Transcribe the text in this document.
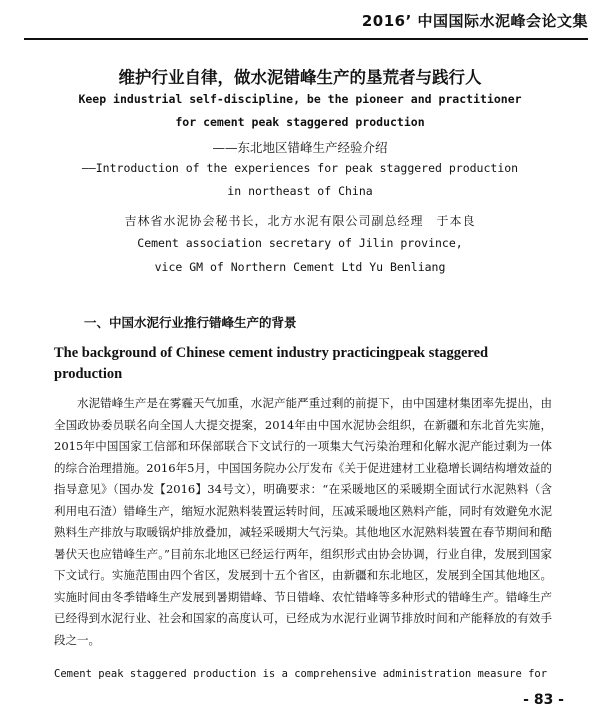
2016’ 中国国际水泥峰会论文集
维护行业自律，做水泥错峰生产的垦荒者与践行人
Keep industrial self-discipline, be the pioneer and practitioner
for cement peak staggered production
——东北地区错峰生产经验介绍
——Introduction of the experiences for peak staggered production
in northeast of China
吉林省水泥协会秘书长，北方水泥有限公司副总经理　于本良
Cement association secretary of Jilin province,
vice GM of Northern Cement Ltd Yu Benliang
一、中国水泥行业推行错峰生产的背景
The background of Chinese cement industry practicingpeak staggered production
水泥错峰生产是在雾霾天气加重，水泥产能严重过剩的前提下，由中国建材集团率先提出，由全国政协委员联名向全国人大提交提案，2014年由中国水泥协会组织，在新疆和东北首先实施，2015年中国国家工信部和环保部联合下文试行的一项集大气污染治理和化解水泥产能过剩为一体的综合治理措施。2016年5月，中国国务院办公厅发布《关于促进建材工业稳增长调结构增效益的指导意见》（国办发【2016】34号文），明确要求：“在采暖地区的采暖期全面试行水泥熟料（含利用电石渣）错峰生产，缩短水泥熟料装置运转时间，压减采暖地区熟料产能，同时有效避免水泥熟料生产排放与取暖锅炉排放叠加，减轻采暖期大气污染。其他地区水泥熟料装置在春节期间和酷暑伏天也应错峰生产。”目前东北地区已经运行两年，组织形式由协会协调，行业自律，发展到国家下文试行。实施范围由四个省区，发展到十五个省区，由新疆和东北地区，发展到全国其他地区。实施时间由冬季错峰生产发展到暑期错峰、节日错峰、农忙错峰等多种形式的错峰生产。错峰生产已经得到水泥行业、社会和国家的高度认可，已经成为水泥行业调节排放时间和产能释放的有效手段之一。
Cement peak staggered production is a comprehensive administration measure for
- 83 -
